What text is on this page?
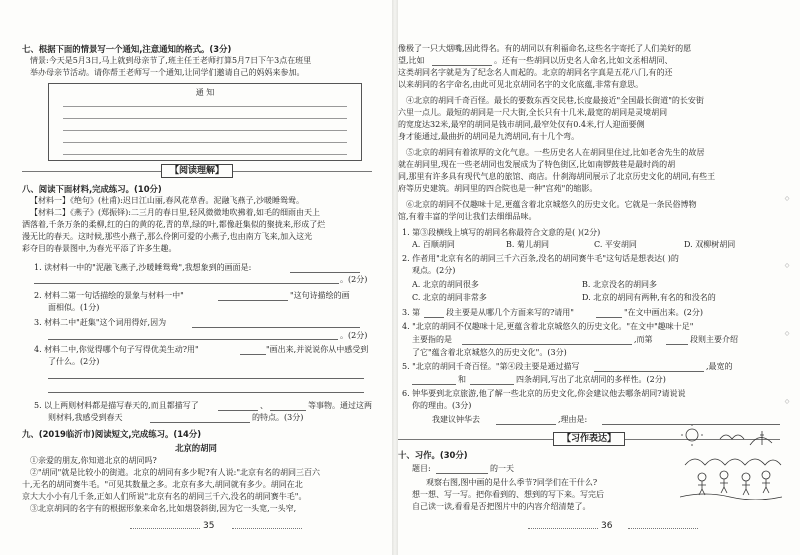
七、根据下面的情景写一个通知,注意通知的格式。(3分)
情景:今天是5月3日,马上就到母亲节了,班主任王老师打算5月7日下午3点在班里
举办母亲节活动。请你帮王老师写一个通知,让同学们邀请自己的妈妈来参加。
通 知
【阅读理解】
八、阅读下面材料,完成练习。(10分)
【材料一】《绝句》(杜甫):迟日江山丽,春风花草香。泥融飞燕子,沙暖睡鸳鸯。
【材料二】《燕子》(郑振铎):二三月的春日里,轻风微微地吹拂着,如毛的细雨由天上
洒落着,千条万条的柔柳,红的白的黄的花,青的草,绿的叶,都像赶集似的聚拢来,形成了烂
漫无比的春天。这时候,那些小燕子,那么伶俐可爱的小燕子,也由南方飞来,加入这光
彩夺目的春景图中,为春光平添了许多生趣。
1. 读材料一中的"泥融飞燕子,沙暖睡鸳鸯",我想象到的画面是:
。(2分)
2. 材料二第一句话描绘的景象与材料一中"	"这句诗描绘的画
面相似。(1分)
3. 材料二中"赶集"这个词用得好,因为
。(2分)
4. 材料二中,你觉得哪个句子写得优美生动?用"	"画出来,并说说你从中感受到
了什么。(2分)
5. 以上两则材料都是描写春天的,而且都描写了	、	等事物。通过这两
则材料,我感受到春天	的特点。(3分)
九、(2019临沂市)阅读短文,完成练习。(14分)
北京的胡同
①亲爱的朋友,你知道北京的胡同吗?
②"胡同"就是比较小的街道。北京的胡同有多少呢?有人说:"北京有名的胡同三百六
十,无名的胡同赛牛毛。"可见其数量之多。北京有多大,胡同就有多少。胡同在北
京大大小小有几千条,正如人们所说"北京有名的胡同三千六,没名的胡同赛牛毛"。
③北京胡同的名字有的根据形象来命名,比如烟袋斜街,因为它一头宽,一头窄,
35
像极了一只大烟嘴,因此得名。有的胡同以有利福命名,这些名字寄托了人们美好的愿
望,比如	。还有一些胡同以历史名人命名,比如文丞相胡同、
这类胡同名字就是为了纪念名人而起的。北京的胡同名字真是五花八门,有的还
以来胡同的名字命名,由此可见北京胡同名字的文化底蕴,非常有意思。
④北京的胡同千奇百怪。最长的要数东西交民巷,长度最接近"全国最长街道"的长安街
六里一点儿。最短的胡同是一尺大街,全长只有十几米,最宽的胡同是灵境胡同
的宽度达32米,最窄的胡同是钱市胡同,最窄处仅有0.4米,行人迎面要侧
身才能通过,最曲折的胡同是九湾胡同,有十几个弯。
⑤北京的胡同有着浓厚的文化气息。一些历史名人在胡同里住过,比如老舍先生的故居
就在胡同里,现在一些老胡同也发展成为了特色街区,比如南锣鼓巷是最时尚的胡
同,那里有许多具有现代气息的旅馆、商店。什刹海胡同展示了北京历史文化的胡同,有些王
府等历史建筑。胡同里的四合院也是一种"宫苑"的缩影。
⑥北京的胡同不仅趣味十足,更蕴含着北京城悠久的历史文化。它就是一条民俗博物
馆,有着丰富的学问让我们去细细品味。
1. 第③段横线上填写的胡同名称最符合文意的是( )(2分)
A. 百顺胡同	B. 菊儿胡同	C. 平安胡同	D. 双柳树胡同
2. 作者用"北京有名的胡同三千六百条,没名的胡同赛牛毛"这句话是想表达( )的
观点。(2分)
A. 北京的胡同很多	B. 北京没名的胡同多
C. 北京的胡同非常多	D. 北京的胡同有两种,有名的和没名的
3. 第	段主要是从哪几个方面来写的?请用"	"在文中画出来。(2分)
4. "北京的胡同不仅趣味十足,更蕴含着北京城悠久的历史文化。"在文中"趣味十足"
主要指的是	,而第	段则主要介绍
了它"蕴含着北京城悠久的历史文化"。(3分)
5. "北京的胡同千奇百怪。"第④段主要是通过描写	,最宽的
和	四条胡同,写出了北京胡同的多样性。(2分)
6. 钟华要到北京旅游,他了解一些北京的历史文化,你会建议他去哪条胡同?请说说
你的理由。(3分)
我建议钟华去	,理由是:
【习作表达】
十、习作。(30分)
题目:	的一天
观察右图,图中画的是什么季节?同学们在干什么?
想一想、写一写。把你看到的、想到的写下来。写完后
自己读一读,看看是否把图片中的内容介绍清楚了。
36
◇
◇
◇
◇
